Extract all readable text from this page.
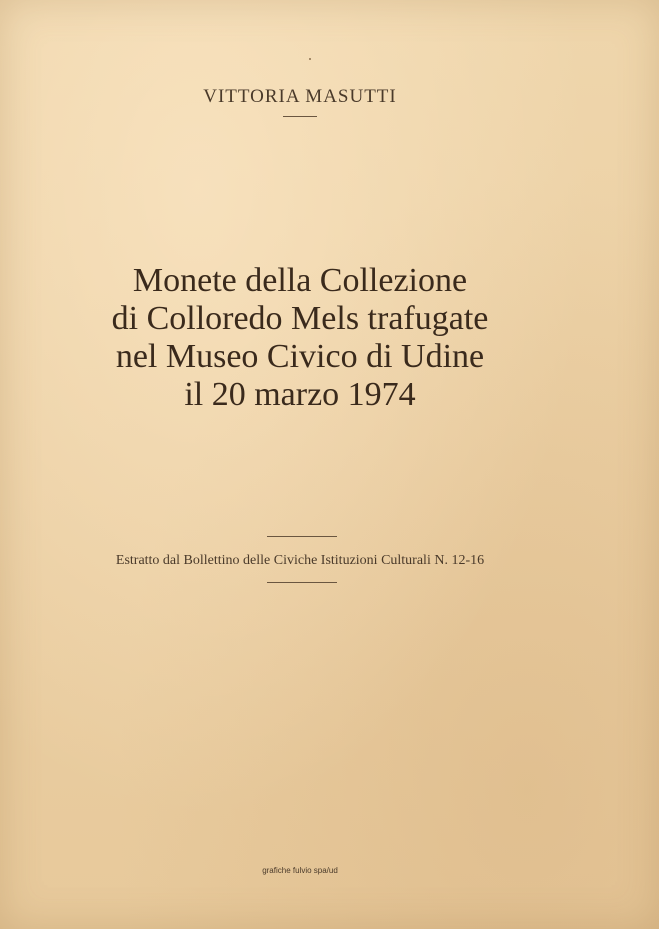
VITTORIA MASUTTI
Monete della Collezione
di Colloredo Mels trafugate
nel Museo Civico di Udine
il 20 marzo 1974
Estratto dal Bollettino delle Civiche Istituzioni Culturali N. 12-16
grafiche fulvio spa/ud
